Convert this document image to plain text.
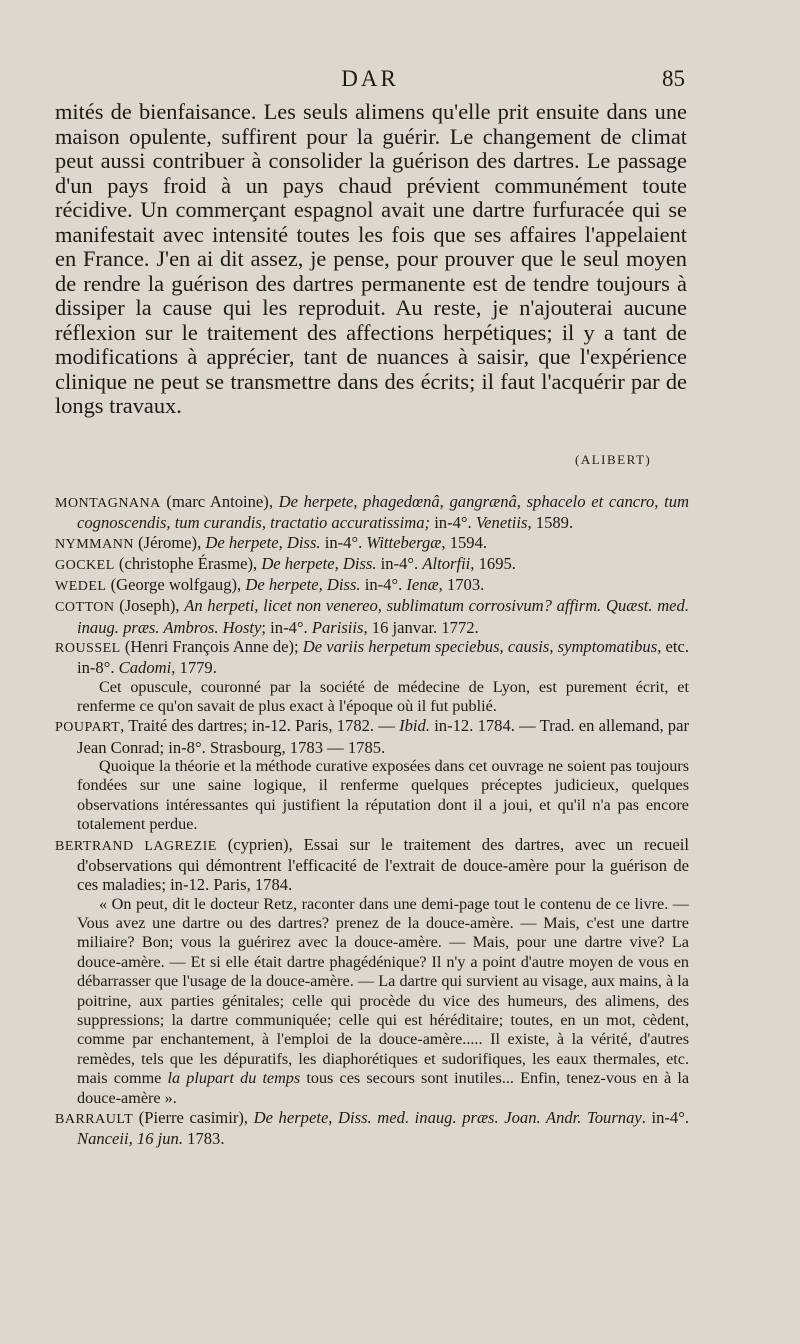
DAR	85

mités de bienfaisance. Les seuls alimens qu'elle prit ensuite dans une maison opulente, suffirent pour la guérir. Le changement de climat peut aussi contribuer à consolider la guérison des dartres. Le passage d'un pays froid à un pays chaud prévient communément toute récidive. Un commerçant espagnol avait une dartre furfuracée qui se manifestait avec intensité toutes les fois que ses affaires l'appelaient en France. J'en ai dit assez, je pense, pour prouver que le seul moyen de rendre la guérison des dartres permanente est de tendre toujours à dissiper la cause qui les reproduit. Au reste, je n'ajouterai aucune réflexion sur le traitement des affections herpétiques; il y a tant de modifications à apprécier, tant de nuances à saisir, que l'expérience clinique ne peut se transmettre dans des écrits; il faut l'acquérir par de longs travaux.

(ALIBERT)

MONTAGNANA (marc Antoine), De herpete, phagedœnâ, gangrænâ, sphacelo et cancro, tum cognoscendis, tum curandis, tractatio accuratissima; in-4°. Venetiis, 1589.

NYMMANN (Jérome), De herpete, Diss. in-4°. Wittebergæ, 1594.

GOCKEL (christophe Érasme), De herpete, Diss. in-4°. Altorfii, 1695.

WEDEL (George wolfgaug), De herpete, Diss. in-4°. Ienæ, 1703.

COTTON (Joseph), An herpeti, licet non venereo, sublimatum corrosivum? affirm. Quæst. med. inaug. præs. Ambros. Hosty; in-4°. Parisiis, 16 janvar. 1772.

ROUSSEL (Henri François Anne de); De variis herpetum speciebus, causis, symptomatibus, etc. in-8°. Cadomi, 1779.

Cet opuscule, couronné par la société de médecine de Lyon, est purement écrit, et renferme ce qu'on savait de plus exact à l'époque où il fut publié.

POUPART, Traité des dartres; in-12. Paris, 1782. — Ibid. in-12. 1784. — Trad. en allemand, par Jean Conrad; in-8°. Strasbourg, 1783 — 1785.

Quoique la théorie et la méthode curative exposées dans cet ouvrage ne soient pas toujours fondées sur une saine logique, il renferme quelques préceptes judicieux, quelques observations intéressantes qui justifient la réputation dont il a joui, et qu'il n'a pas encore totalement perdue.

BERTRAND LAGREZIE (cyprien), Essai sur le traitement des dartres, avec un recueil d'observations qui démontrent l'efficacité de l'extrait de douce-amère pour la guérison de ces maladies; in-12. Paris, 1784.

« On peut, dit le docteur Retz, raconter dans une demi-page tout le contenu de ce livre. — Vous avez une dartre ou des dartres? prenez de la douce-amère. — Mais, c'est une dartre miliaire? Bon; vous la guérirez avec la douce-amère. — Mais, pour une dartre vive? La douce-amère. — Et si elle était dartre phagédénique? Il n'y a point d'autre moyen de vous en débarrasser que l'usage de la douce-amère. — La dartre qui survient au visage, aux mains, à la poitrine, aux parties génitales; celle qui procède du vice des humeurs, des alimens, des suppressions; la dartre communiquée; celle qui est héréditaire; toutes, en un mot, cèdent, comme par enchantement, à l'emploi de la douce-amère..... Il existe, à la vérité, d'autres remèdes, tels que les dépuratifs, les diaphorétiques et sudorifiques, les eaux thermales, etc. mais comme la plupart du temps tous ces secours sont inutiles... Enfin, tenez-vous en à la douce-amère ».

BARRAULT (Pierre casimir), De herpete, Diss. med. inaug. præs. Joan. Andr. Tournay. in-4°. Nanceii, 16 jun. 1783.
